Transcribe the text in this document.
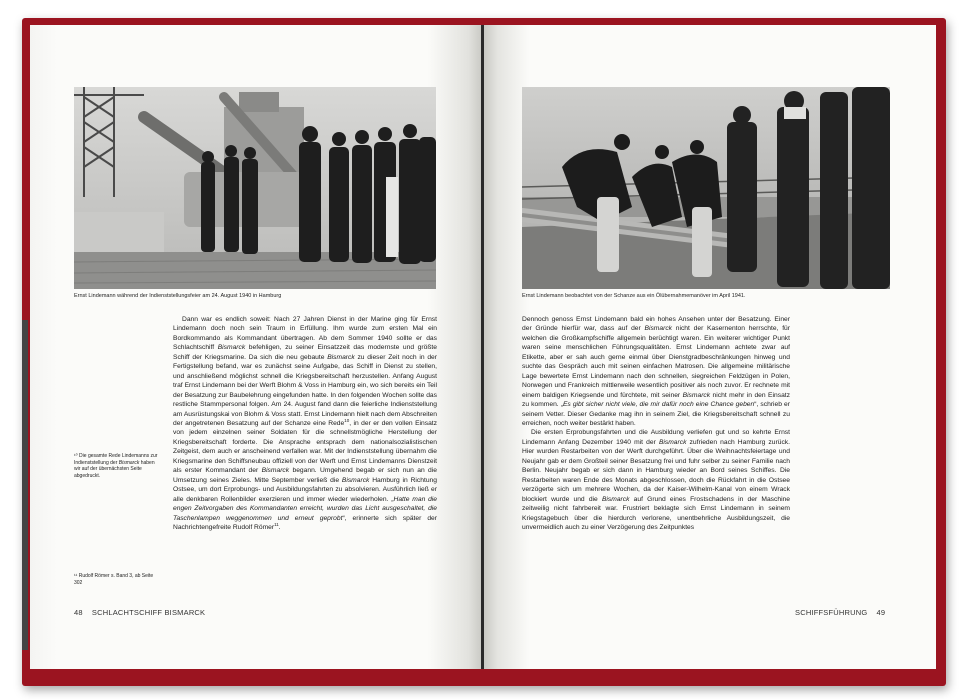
Ernst Lindemann während der Indienststellungsfeier am 24. August 1940 in Hamburg
¹⁰ Die gesamte Rede Lindemanns zur Indienststellung der Bismarck haben wir auf der übernächsten Seite abgedruckt.
¹¹ Rudolf Römer s. Band 3, ab Seite 302

Dann war es endlich soweit: Nach 27 Jahren Dienst in der Marine ging für Ernst Lindemann doch noch sein Traum in Erfüllung. Ihm wurde zum ersten Mal ein Bordkommando als Kommandant übertragen. Ab dem Sommer 1940 sollte er das Schlachtschiff Bismarck befehligen, zu seiner Einsatzzeit das modernste und größte Schiff der Kriegsmarine. Da sich die neu gebaute Bismarck zu dieser Zeit noch in der Fertigstellung befand, war es zunächst seine Aufgabe, das Schiff in Dienst zu stellen, und anschließend möglichst schnell die Kriegsbereitschaft herzustellen. Anfang August traf Ernst Lindemann bei der Werft Blohm & Voss in Hamburg ein, wo sich bereits ein Teil der Besatzung zur Baubelehrung eingefunden hatte. In den folgenden Wochen sollte das restliche Stammpersonal folgen. Am 24. August fand dann die feierliche Indienststellung am Ausrüstungskai von Blohm & Voss statt. Ernst Lindemann hielt nach dem Abschreiten der angetretenen Besatzung auf der Schanze eine Rede$^{10}$, in der er den vollen Einsatz von jedem einzelnen seiner Soldaten für die schnellstmögliche Herstellung der Kriegsbereitschaft forderte. Die Ansprache entsprach dem nationalsozialistischen Zeitgeist, dem auch er anscheinend verfallen war. Mit der Indienststellung übernahm die Kriegsmarine den Schiffsneubau offiziell von der Werft und Ernst Lindemanns Dienstzeit als erster Kommandant der Bismarck begann. Umgehend begab er sich nun an die Umsetzung seines Zieles. Mitte September verließ die Bismarck Hamburg in Richtung Ostsee, um dort Erprobungs- und Ausbildungsfahrten zu absolvieren. Ausführlich ließ er alle denkbaren Rollenbilder exerzieren und immer wieder wiederholen. „Hatte man die engen Zeitvorgaben des Kommandanten erreicht, wurden das Licht ausgeschaltet, die Taschenlampen weggenommen und erneut geprobt“, erinnerte sich später der Nachrichtengefreite Rudolf Römer$^{11}$.

48 SCHLACHTSCHIFF BISMARCK
Ernst Lindemann beobachtet von der Schanze aus ein Ölübernahmemanöver im April 1941.

Dennoch genoss Ernst Lindemann bald ein hohes Ansehen unter der Besatzung. Einer der Gründe hierfür war, dass auf der Bismarck nicht der Kasernenton herrschte, für welchen die Großkampfschiffe allgemein berüchtigt waren. Ein weiterer wichtiger Punkt waren seine menschlichen Führungsqualitäten. Ernst Lindemann achtete zwar auf Etikette, aber er sah auch gerne einmal über Dienstgradbeschränkungen hinweg und suchte das Gespräch auch mit seinen einfachen Matrosen. Die allgemeine militärische Lage bewertete Ernst Lindemann nach den schnellen, siegreichen Feldzügen in Polen, Norwegen und Frankreich mittlerweile wesentlich positiver als noch zuvor. Er rechnete mit einem baldigen Kriegsende und fürchtete, mit seiner Bismarck nicht mehr in den Einsatz zu kommen. „Es gibt sicher nicht viele, die mir dafür noch eine Chance geben“, schrieb er seinem Vetter. Dieser Gedanke mag ihn in seinem Ziel, die Kriegsbereitschaft schnell zu erreichen, noch weiter bestärkt haben.

Die ersten Erprobungsfahrten und die Ausbildung verliefen gut und so kehrte Ernst Lindemann Anfang Dezember 1940 mit der Bismarck zufrieden nach Hamburg zurück. Hier wurden Restarbeiten von der Werft durchgeführt. Über die Weihnachtsfeiertage und Neujahr gab er dem Großteil seiner Besatzung frei und fuhr selber zu seiner Familie nach Berlin. Neujahr begab er sich dann in Hamburg wieder an Bord seines Schiffes. Die Restarbeiten waren Ende des Monats abgeschlossen, doch die Rückfahrt in die Ostsee verzögerte sich um mehrere Wochen, da der Kaiser-Wilhelm-Kanal von einem Wrack blockiert wurde und die Bismarck auf Grund eines Frostschadens in der Maschine zeitweilig nicht fahrbereit war. Frustriert beklagte sich Ernst Lindemann in seinem Kriegstagebuch über die hierdurch verlorene, unentbehrliche Ausbildungszeit, die unvermeidlich auch zu einer Verzögerung des Zeitpunktes

SCHIFFSFÜHRUNG 49
